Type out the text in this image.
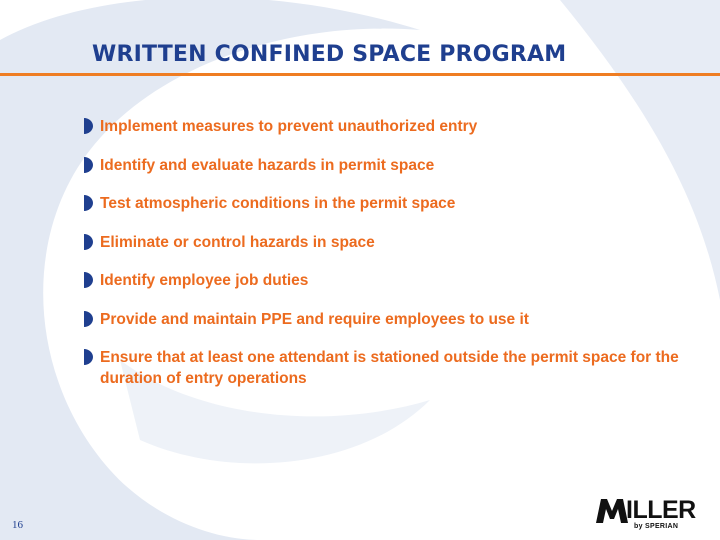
WRITTEN CONFINED SPACE PROGRAM
Implement measures to prevent unauthorized entry
Identify and evaluate hazards in permit space
Test atmospheric conditions in the permit space
Eliminate or control hazards in space
Identify employee job duties
Provide and maintain PPE and require employees to use it
Ensure that at least one attendant is stationed outside the permit space for the duration of entry operations
16
ILLER
by SPERIAN
